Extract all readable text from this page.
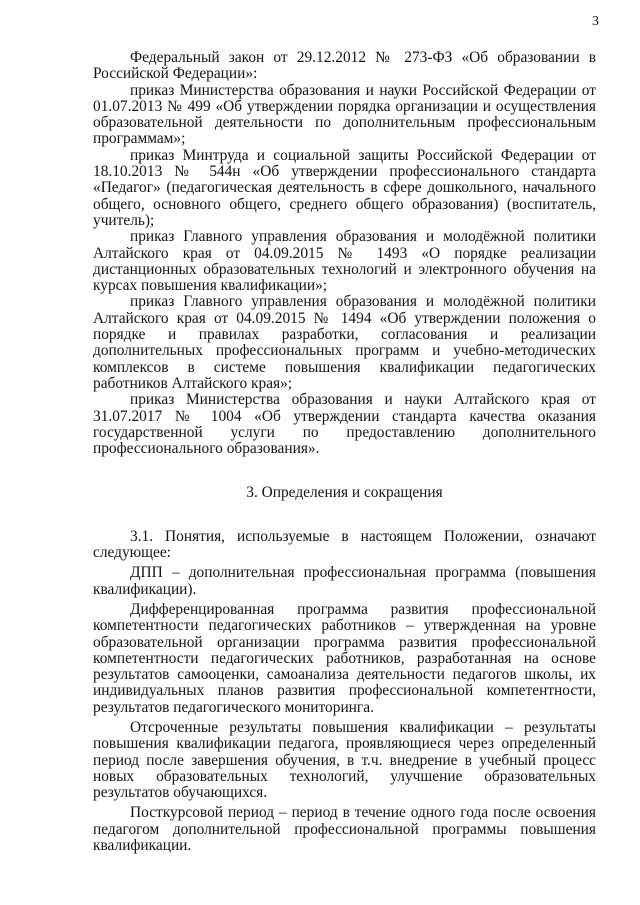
3

Федеральный закон от 29.12.2012 № 273-ФЗ «Об образовании в Российской Федерации»:

приказ Министерства образования и науки Российской Федерации от 01.07.2013 № 499 «Об утверждении порядка организации и осуществления образовательной деятельности по дополнительным профессиональным программам»;

приказ Минтруда и социальной защиты Российской Федерации от 18.10.2013 № 544н «Об утверждении профессионального стандарта «Педагог» (педагогическая деятельность в сфере дошкольного, начального общего, основного общего, среднего общего образования) (воспитатель, учитель);

приказ Главного управления образования и молодёжной политики Алтайского края от 04.09.2015 № 1493 «О порядке реализации дистанционных образовательных технологий и электронного обучения на курсах повышения квалификации»;

приказ Главного управления образования и молодёжной политики Алтайского края от 04.09.2015 № 1494 «Об утверждении положения о порядке и правилах разработки, согласования и реализации дополнительных профессиональных программ и учебно-методических комплексов в системе повышения квалификации педагогических работников Алтайского края»;

приказ Министерства образования и науки Алтайского края от 31.07.2017 № 1004 «Об утверждении стандарта качества оказания государственной услуги по предоставлению дополнительного профессионального образования».

3. Определения и сокращения

3.1. Понятия, используемые в настоящем Положении, означают следующее:

ДПП – дополнительная профессиональная программа (повышения квалификации).

Дифференцированная программа развития профессиональной компетентности педагогических работников – утвержденная на уровне образовательной организации программа развития профессиональной компетентности педагогических работников, разработанная на основе результатов самооценки, самоанализа деятельности педагогов школы, их индивидуальных планов развития профессиональной компетентности, результатов педагогического мониторинга.

Отсроченные результаты повышения квалификации – результаты повышения квалификации педагога, проявляющиеся через определенный период после завершения обучения, в т.ч. внедрение в учебный процесс новых образовательных технологий, улучшение образовательных результатов обучающихся.

Посткурсовой период – период в течение одного года после освоения педагогом дополнительной профессиональной программы повышения квалификации.
